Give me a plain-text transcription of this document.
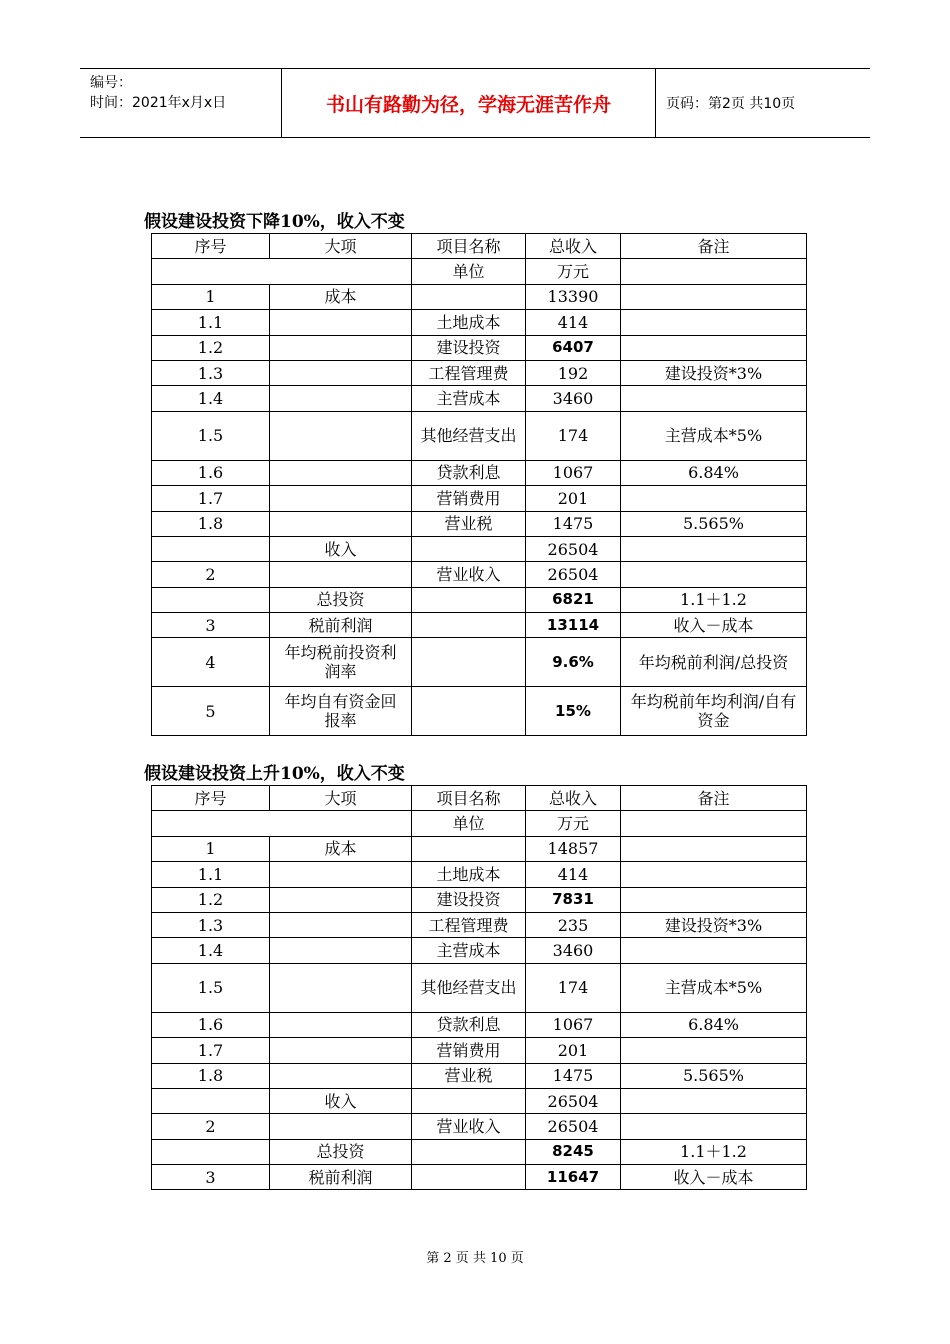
编号：
时间：2021年x月x日	书山有路勤为径，学海无涯苦作舟	页码：第2页 共10页
假设建设投资下降10%，收入不变
序号	大项	项目名称	总收入	备注
		单位	万元	
1	成本		13390	
1.1		土地成本	414	
1.2		建设投资	6407	
1.3		工程管理费	192	建设投资*3%
1.4		主营成本	3460	
1.5		其他经营支出	174	主营成本*5%
1.6		贷款利息	1067	6.84%
1.7		营销费用	201	
1.8		营业税	1475	5.565%
	收入		26504	
2		营业收入	26504	
	总投资		6821	1.1＋1.2
3	税前利润		13114	收入－成本
4	年均税前投资利润率		9.6%	年均税前利润/总投资
5	年均自有资金回报率		15%	年均税前年均利润/自有资金
假设建设投资上升10%，收入不变
序号	大项	项目名称	总收入	备注
		单位	万元	
1	成本		14857	
1.1		土地成本	414	
1.2		建设投资	7831	
1.3		工程管理费	235	建设投资*3%
1.4		主营成本	3460	
1.5		其他经营支出	174	主营成本*5%
1.6		贷款利息	1067	6.84%
1.7		营销费用	201	
1.8		营业税	1475	5.565%
	收入		26504	
2		营业收入	26504	
	总投资		8245	1.1＋1.2
3	税前利润		11647	收入－成本
第 2 页 共 10 页
